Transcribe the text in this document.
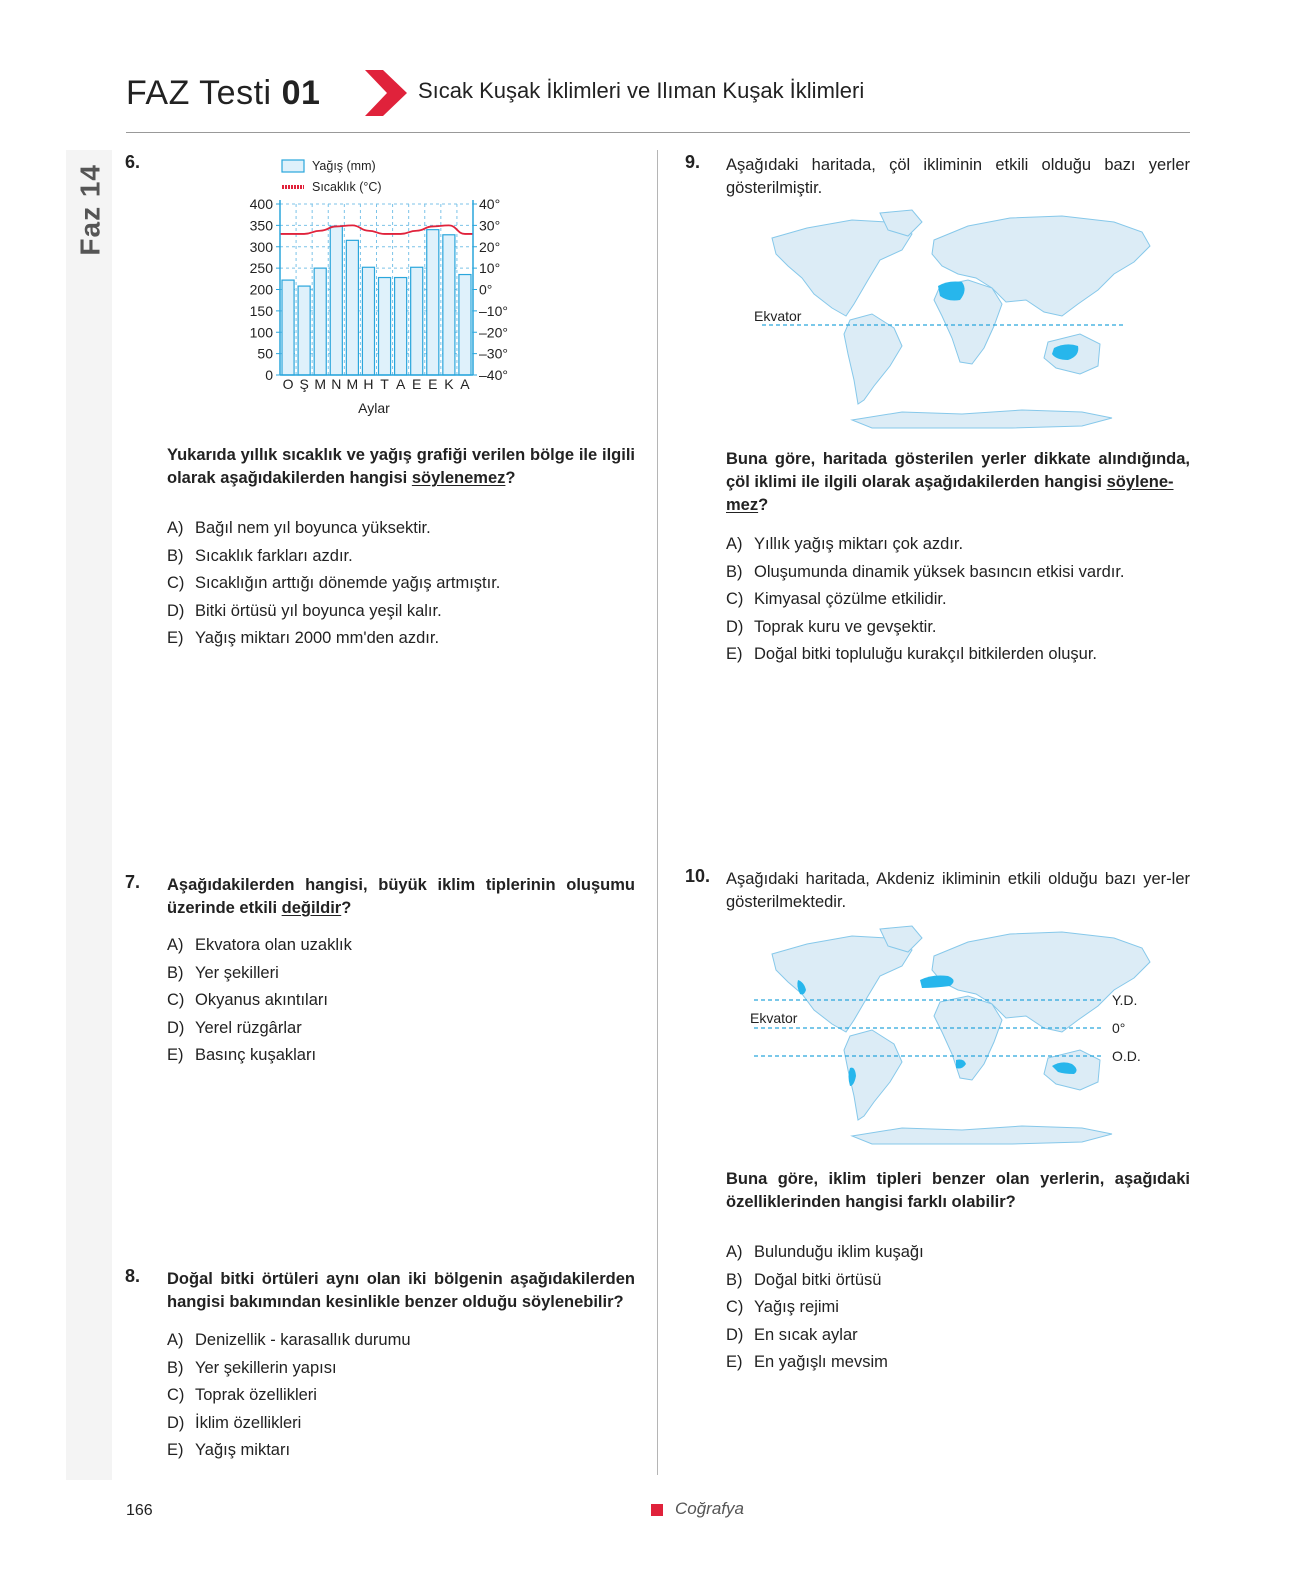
FAZ Testi 01	Sıcak Kuşak İklimleri ve Ilıman Kuşak İklimleri
Faz 14
6.	Yağış (mm)
Sıcaklık (°C)
400
350
300
250
200
150
100
50
0
40°
30°
20°
10°
0°
–10°
–20°
–30°
–40°
O Ş M N M H T A E E K A
Aylar
Yukarıda yıllık sıcaklık ve yağış grafiği verilen bölge ile ilgili olarak aşağıdakilerden hangisi söylenemez?
A) Bağıl nem yıl boyunca yüksektir.
B) Sıcaklık farkları azdır.
C) Sıcaklığın arttığı dönemde yağış artmıştır.
D) Bitki örtüsü yıl boyunca yeşil kalır.
E) Yağış miktarı 2000 mm'den azdır.
7. Aşağıdakilerden hangisi, büyük iklim tiplerinin oluşumu üzerinde etkili değildir?
A) Ekvatora olan uzaklık
B) Yer şekilleri
C) Okyanus akıntıları
D) Yerel rüzgârlar
E) Basınç kuşakları
8. Doğal bitki örtüleri aynı olan iki bölgenin aşağıdakilerden hangisi bakımından kesinlikle benzer olduğu söylenebilir?
A) Denizellik - karasallık durumu
B) Yer şekillerin yapısı
C) Toprak özellikleri
D) İklim özellikleri
E) Yağış miktarı
9. Aşağıdaki haritada, çöl ikliminin etkili olduğu bazı yerler gösterilmiştir.
Ekvator
Buna göre, haritada gösterilen yerler dikkate alındığında, çöl iklimi ile ilgili olarak aşağıdakilerden hangisi söylene-
mez?
A) Yıllık yağış miktarı çok azdır.
B) Oluşumunda dinamik yüksek basıncın etkisi vardır.
C) Kimyasal çözülme etkilidir.
D) Toprak kuru ve gevşektir.
E) Doğal bitki topluluğu kurakçıl bitkilerden oluşur.
10. Aşağıdaki haritada, Akdeniz ikliminin etkili olduğu bazı yer-ler gösterilmektedir.
Ekvator
Y.D.
0°
O.D.
Buna göre, iklim tipleri benzer olan yerlerin, aşağıdaki özelliklerinden hangisi farklı olabilir?
A) Bulunduğu iklim kuşağı
B) Doğal bitki örtüsü
C) Yağış rejimi
D) En sıcak aylar
E) En yağışlı mevsim
166	Coğrafya
